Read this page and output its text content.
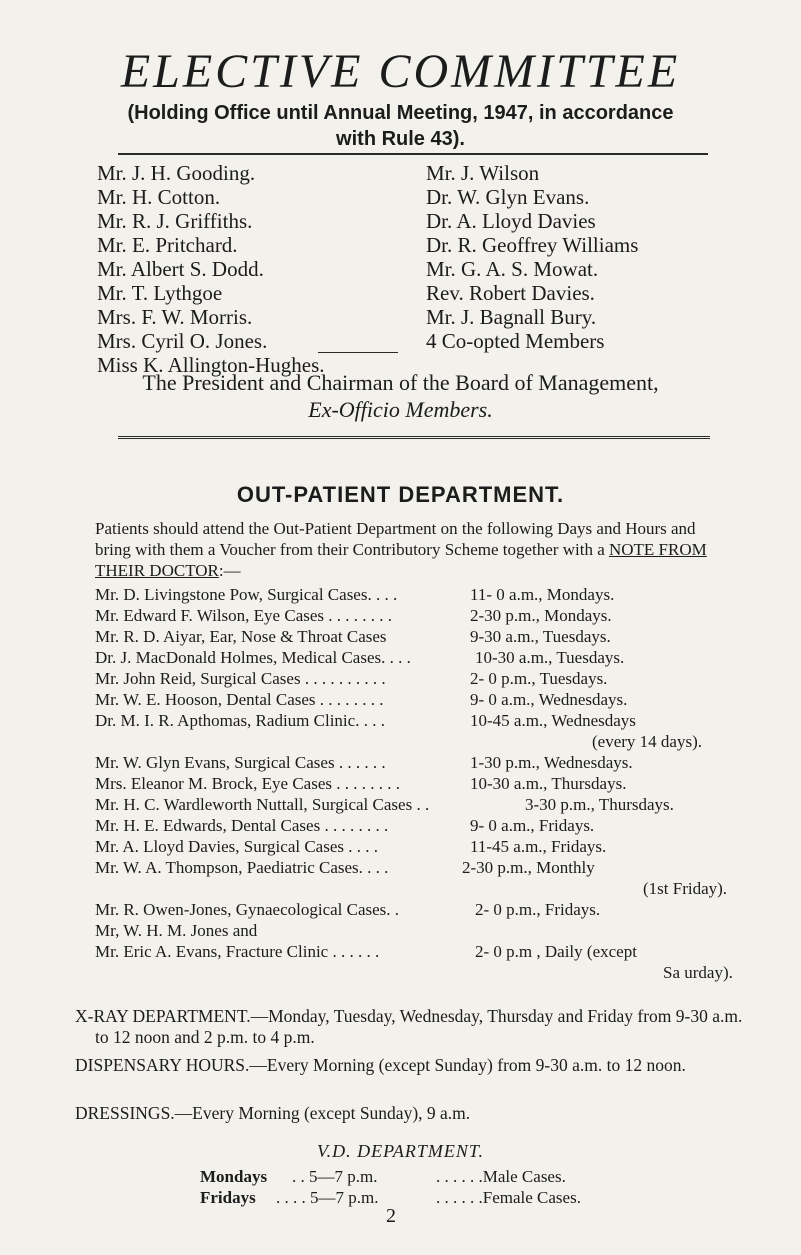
ELECTIVE COMMITTEE
(Holding Office until Annual Meeting, 1947, in accordance
with Rule 43).
Mr. J. H. Gooding.
Mr. H. Cotton.
Mr. R. J. Griffiths.
Mr. E. Pritchard.
Mr. Albert S. Dodd.
Mr. T. Lythgoe
Mrs. F. W. Morris.
Mrs. Cyril O. Jones.
Miss K. Allington-Hughes.
Mr. J. Wilson
Dr. W. Glyn Evans.
Dr. A. Lloyd Davies
Dr. R. Geoffrey Williams
Mr. G. A. S. Mowat.
Rev. Robert Davies.
Mr. J. Bagnall Bury.
4 Co-opted Members
The President and Chairman of the Board of Management,
Ex-Officio Members.
OUT-PATIENT DEPARTMENT.
Patients should attend the Out-Patient Department on the following Days and Hours and bring with them a Voucher from their Contributory Scheme together with a NOTE FROM THEIR DOCTOR:—
Mr. D. Livingstone Pow, Surgical Cases. . . .	11- 0 a.m., Mondays.
Mr. Edward F. Wilson, Eye Cases . . . . . . . .	2-30 p.m., Mondays.
Mr. R. D. Aiyar, Ear, Nose & Throat Cases	9-30 a.m., Tuesdays.
Dr. J. MacDonald Holmes, Medical Cases. . . .	10-30 a.m., Tuesdays.
Mr. John Reid, Surgical Cases . . . . . . . . . .	2- 0 p.m., Tuesdays.
Mr. W. E. Hooson, Dental Cases . . . . . . . .	9- 0 a.m., Wednesdays.
Dr. M. I. R. Apthomas, Radium Clinic. . . .	10-45 a.m., Wednesdays
(every 14 days).
Mr. W. Glyn Evans, Surgical Cases . . . . . .	1-30 p.m., Wednesdays.
Mrs. Eleanor M. Brock, Eye Cases . . . . . . . .	10-30 a.m., Thursdays.
Mr. H. C. Wardleworth Nuttall, Surgical Cases . .	3-30 p.m., Thursdays.
Mr. H. E. Edwards, Dental Cases . . . . . . . .	9- 0 a.m., Fridays.
Mr. A. Lloyd Davies, Surgical Cases . . . .	11-45 a.m., Fridays.
Mr. W. A. Thompson, Paediatric Cases. . . .	2-30 p.m., Monthly
(1st Friday).
Mr. R. Owen-Jones, Gynaecological Cases. .	2- 0 p.m., Fridays.
Mr, W. H. M. Jones and
Mr. Eric A. Evans, Fracture Clinic . . . . . .	2- 0 p.m , Daily (except
Sa urday).
X-RAY DEPARTMENT.—Monday, Tuesday, Wednesday, Thursday and Friday from 9-30 a.m. to 12 noon and 2 p.m. to 4 p.m.
DISPENSARY HOURS.—Every Morning (except Sunday) from 9-30 a.m. to 12 noon.
DRESSINGS.—Every Morning (except Sunday), 9 a.m.
V.D. DEPARTMENT.
Mondays . . 5—7 p.m.	. . . . . .Male Cases.
Fridays . . . . 5—7 p.m.	. . . . . .Female Cases.
2
